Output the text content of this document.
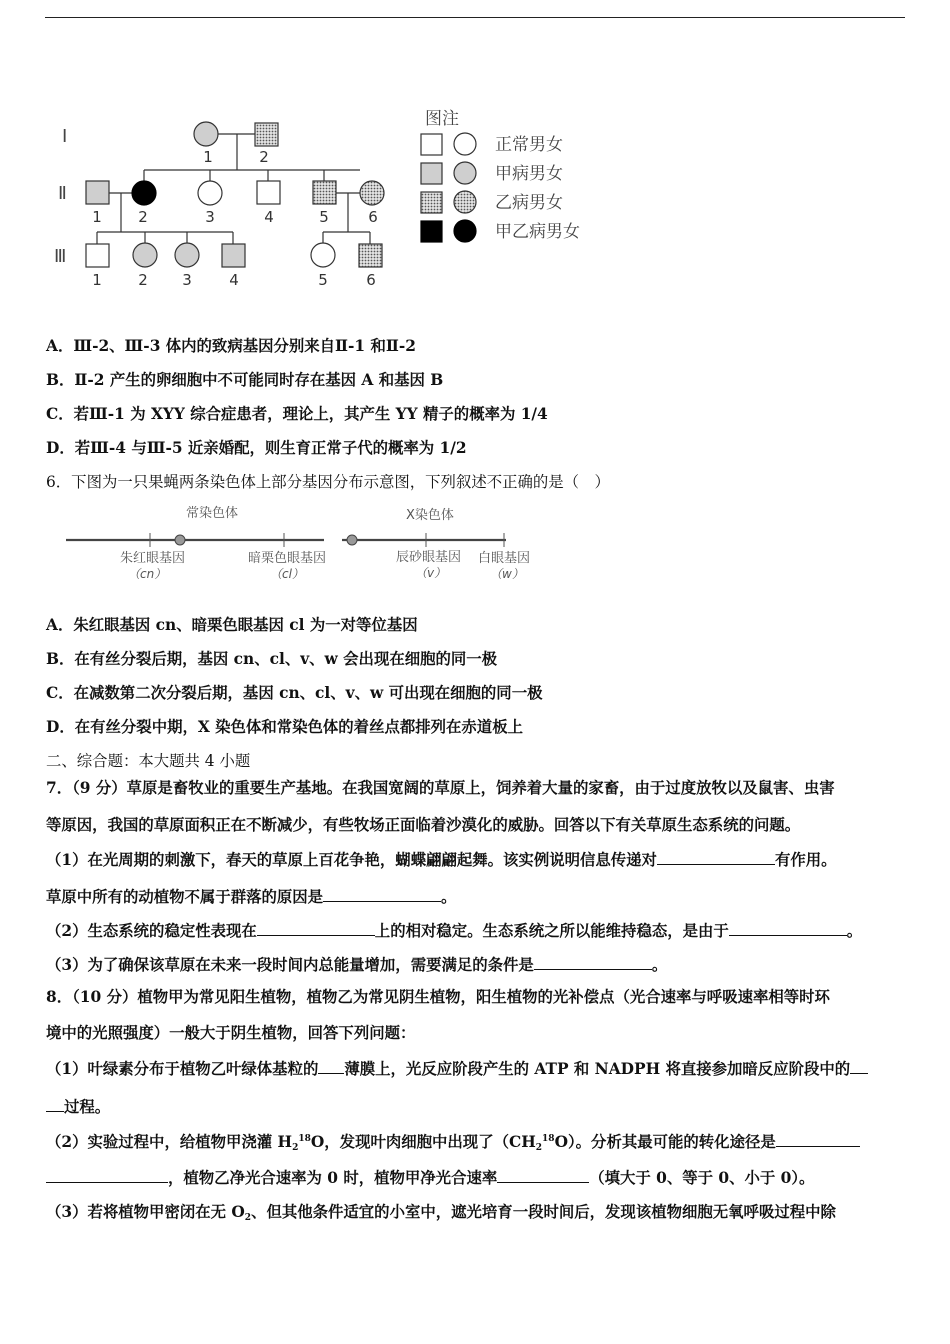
Ⅰ
Ⅱ
Ⅲ
1	2
1 2	3	4	5	6
1 2 3 4	5	6
图注
正常男女
甲病男女
乙病男女
甲乙病男女
A．Ⅲ-2、Ⅲ-3 体内的致病基因分别来自Ⅱ-1 和Ⅱ-2
B．Ⅱ-2 产生的卵细胞中不可能同时存在基因 A 和基因 B
C．若Ⅲ-1 为 XYY 综合症患者，理论上，其产生 YY 精子的概率为 1/4
D．若Ⅲ-4 与Ⅲ-5 近亲婚配，则生育正常子代的概率为 1/2
6．下图为一只果蝇两条染色体上部分基因分布示意图，下列叙述不正确的是（　）
常染色体
朱红眼基因
（cn）
暗栗色眼基因
（cl）
X染色体
辰砂眼基因
（v）
白眼基因
（w）
A．朱红眼基因 cn、暗栗色眼基因 cl 为一对等位基因
B．在有丝分裂后期，基因 cn、cl、v、w 会出现在细胞的同一极
C．在减数第二次分裂后期，基因 cn、cl、v、w 可出现在细胞的同一极
D．在有丝分裂中期，X 染色体和常染色体的着丝点都排列在赤道板上
二、综合题：本大题共 4 小题
7．（9 分）草原是畜牧业的重要生产基地。在我国宽阔的草原上，饲养着大量的家畜，由于过度放牧以及鼠害、虫害
等原因，我国的草原面积正在不断减少，有些牧场正面临着沙漠化的威胁。回答以下有关草原生态系统的问题。
（1）在光周期的刺激下，春天的草原上百花争艳，蝴蝶翩翩起舞。该实例说明信息传递对	有作用。
草原中所有的动植物不属于群落的原因是	。
（2）生态系统的稳定性表现在	上的相对稳定。生态系统之所以能维持稳态，是由于	。
（3）为了确保该草原在未来一段时间内总能量增加，需要满足的条件是	。
8．（10 分）植物甲为常见阳生植物，植物乙为常见阴生植物，阳生植物的光补偿点（光合速率与呼吸速率相等时环
境中的光照强度）一般大于阴生植物，回答下列问题：
（1）叶绿素分布于植物乙叶绿体基粒的 薄膜上，光反应阶段产生的 ATP 和 NADPH 将直接参加暗反应阶段中的
过程。
（2）实验过程中，给植物甲浇灌 $H_2^{18}O$，发现叶肉细胞中出现了$(CH_2^{18}O)$。分析其最可能的转化途径是
，植物乙净光合速率为 0 时，植物甲净光合速率	（填大于 0、等于 0、小于 0）。
（3）若将植物甲密闭在无 $O_2$、但其他条件适宜的小室中，遮光培育一段时间后，发现该植物细胞无氧呼吸过程中除
